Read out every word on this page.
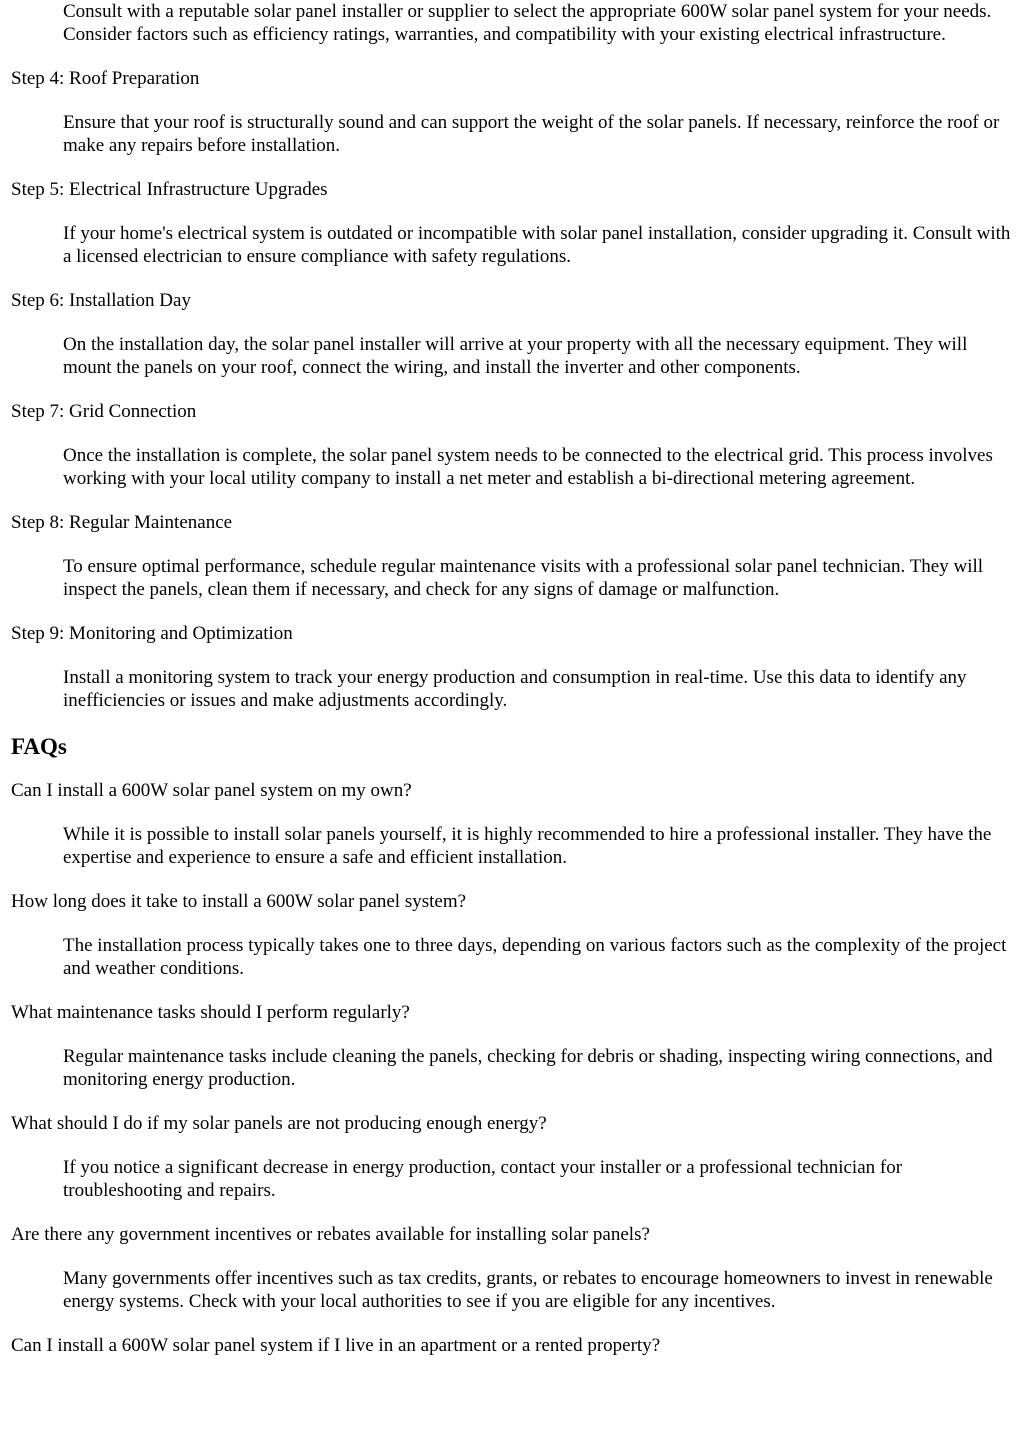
Consult with a reputable solar panel installer or supplier to select the appropriate 600W solar panel system for your needs. Consider factors such as efficiency ratings, warranties, and compatibility with your existing electrical infrastructure.
Step 4: Roof Preparation
Ensure that your roof is structurally sound and can support the weight of the solar panels. If necessary, reinforce the roof or make any repairs before installation.
Step 5: Electrical Infrastructure Upgrades
If your home's electrical system is outdated or incompatible with solar panel installation, consider upgrading it. Consult with a licensed electrician to ensure compliance with safety regulations.
Step 6: Installation Day
On the installation day, the solar panel installer will arrive at your property with all the necessary equipment. They will mount the panels on your roof, connect the wiring, and install the inverter and other components.
Step 7: Grid Connection
Once the installation is complete, the solar panel system needs to be connected to the electrical grid. This process involves working with your local utility company to install a net meter and establish a bi-directional metering agreement.
Step 8: Regular Maintenance
To ensure optimal performance, schedule regular maintenance visits with a professional solar panel technician. They will inspect the panels, clean them if necessary, and check for any signs of damage or malfunction.
Step 9: Monitoring and Optimization
Install a monitoring system to track your energy production and consumption in real-time. Use this data to identify any inefficiencies or issues and make adjustments accordingly.
FAQs
Can I install a 600W solar panel system on my own?
While it is possible to install solar panels yourself, it is highly recommended to hire a professional installer. They have the expertise and experience to ensure a safe and efficient installation.
How long does it take to install a 600W solar panel system?
The installation process typically takes one to three days, depending on various factors such as the complexity of the project and weather conditions.
What maintenance tasks should I perform regularly?
Regular maintenance tasks include cleaning the panels, checking for debris or shading, inspecting wiring connections, and monitoring energy production.
What should I do if my solar panels are not producing enough energy?
If you notice a significant decrease in energy production, contact your installer or a professional technician for troubleshooting and repairs.
Are there any government incentives or rebates available for installing solar panels?
Many governments offer incentives such as tax credits, grants, or rebates to encourage homeowners to invest in renewable energy systems. Check with your local authorities to see if you are eligible for any incentives.
Can I install a 600W solar panel system if I live in an apartment or a rented property?
